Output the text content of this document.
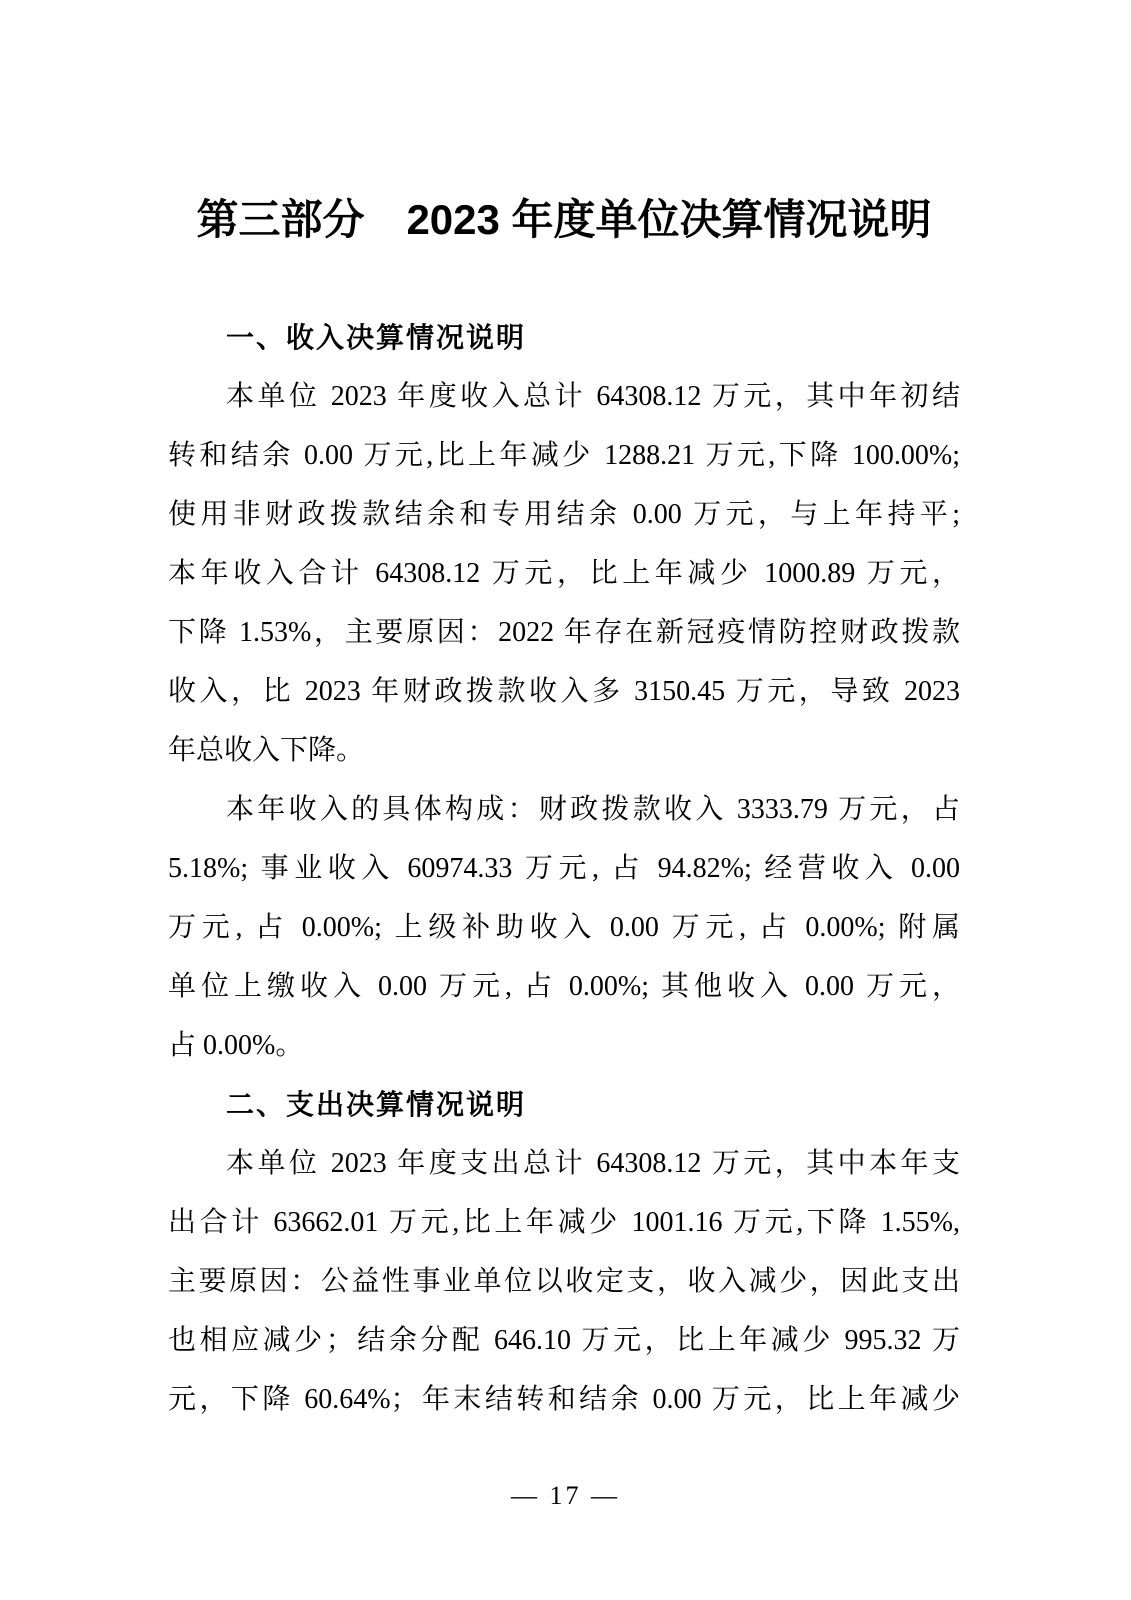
第三部分　2023 年度单位决算情况说明
一、收入决算情况说明
本单位 2023 年度收入总计 64308.12 万元，其中年初结
转和结余 0.00 万元,比上年减少 1288.21 万元,下降 100.00%;
使用非财政拨款结余和专用结余 0.00 万元，与上年持平;
本年收入合计 64308.12 万元，比上年减少 1000.89 万元，
下降 1.53%，主要原因：2022 年存在新冠疫情防控财政拨款
收入，比 2023 年财政拨款收入多 3150.45 万元，导致 2023
年总收入下降。
本年收入的具体构成：财政拨款收入 3333.79 万元，占
5.18%; 事业收入 60974.33 万元, 占 94.82%; 经营收入 0.00
万元, 占 0.00%; 上级补助收入 0.00 万元, 占 0.00%; 附属
单位上缴收入 0.00 万元, 占 0.00%; 其他收入 0.00 万元，
占 0.00%。
二、支出决算情况说明
本单位 2023 年度支出总计 64308.12 万元，其中本年支
出合计 63662.01 万元,比上年减少 1001.16 万元,下降 1.55%,
主要原因：公益性事业单位以收定支，收入减少，因此支出
也相应减少；结余分配 646.10 万元，比上年减少 995.32 万
元，下降 60.64%；年末结转和结余 0.00 万元，比上年减少
— 17 —
